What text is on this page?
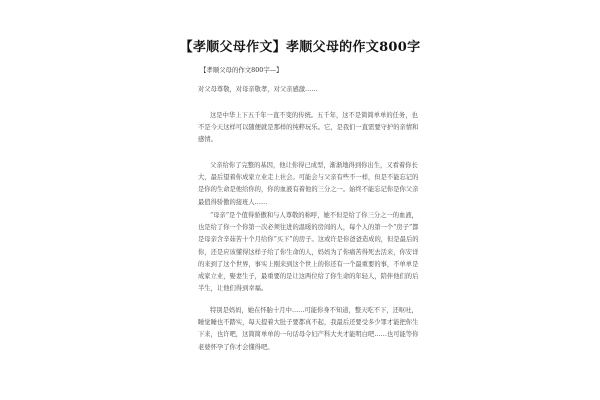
【孝顺父母作文】孝顺父母的作文800字
【孝顺父母的作文800字—】

对父母尊敬，对母亲敬孝，对父亲感激……

这是中华上下五千年一直不变的传统。五千年，这不是简简单单的任务，也不是今天这样可以随便就是那样的纯粹玩乐。它，是我们一直需要守护的亲情和感情。

父亲给你了完整的基因，他让你得已成型，渐渐地得到你出生，又看着你长大，最后望着你成家立业走上社会。可能会与父亲有些不一样，但是不能忘记的是你的生命是他给你的，你的血液有着他的三分之一。始终不能忘记你是你父亲最值得骄傲的接班人……

“母亲”是个值得骄傲和与人尊敬的称呼，她不但是给了你三分之一的血液，也是给了你一个你第一次必须往进的温暖的房间的人，每个人的第一个“房子”都是母亲含辛茹苦十个月给你“买下”的房子。这或许是你爸爸造成的，但是最后的你，还是应该懂得这样子给了你生命的人，妈妈为了你痛苦得死去活来，你安详的来到了这个世界，事实上刚来到这个世上的你还有一个最重要的事，不单单是成家立业，娶妻生子，最重要的是让这两位给了你生命的年轻人，陪伴他们的后半生，让他们得到幸福。

特别是妈妈，她在怀胎十月中……可能你身不知道，整天吃不下，还呕吐，睡觉睡也不踏实，每天提着大肚子要都真不起，我最后还要受多少罪才能把你生下来，也许吧，这简简单单的一句话母令妇产科大夫才能明白吧……也可能等你老婆怀孕了你才会懂得吧。
